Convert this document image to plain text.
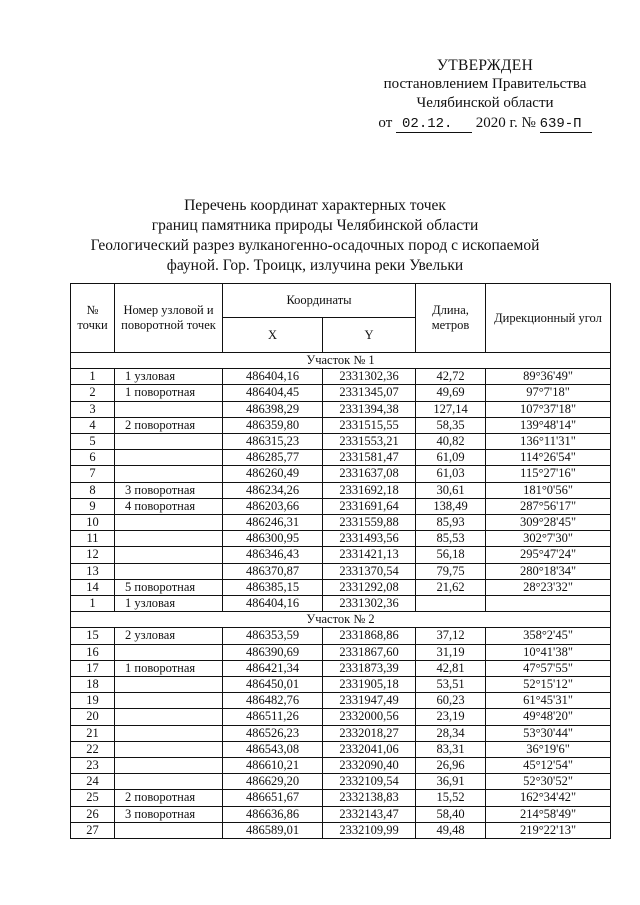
УТВЕРЖДЕН
постановлением Правительства
Челябинской области
от 02.12. 2020 г. № 639-П
Перечень координат характерных точек
границ памятника природы Челябинской области
Геологический разрез вулканогенно-осадочных пород с ископаемой
фауной. Гор. Троицк, излучина реки Увельки
№ точки	Номер узловой и поворотной точек	Координаты		Длина, метров	Дирекционный угол
		X	Y		
Участок № 1					
1	1 узловая	486404,16	2331302,36	42,72	89°36'49"
2	1 поворотная	486404,45	2331345,07	49,69	97°7'18"
3		486398,29	2331394,38	127,14	107°37'18"
4	2 поворотная	486359,80	2331515,55	58,35	139°48'14"
5		486315,23	2331553,21	40,82	136°11'31"
6		486285,77	2331581,47	61,09	114°26'54"
7		486260,49	2331637,08	61,03	115°27'16"
8	3 поворотная	486234,26	2331692,18	30,61	181°0'56"
9	4 поворотная	486203,66	2331691,64	138,49	287°56'17"
10		486246,31	2331559,88	85,93	309°28'45"
11		486300,95	2331493,56	85,53	302°7'30"
12		486346,43	2331421,13	56,18	295°47'24"
13		486370,87	2331370,54	79,75	280°18'34"
14	5 поворотная	486385,15	2331292,08	21,62	28°23'32"
1	1 узловая	486404,16	2331302,36		
Участок № 2					
15	2 узловая	486353,59	2331868,86	37,12	358°2'45"
16		486390,69	2331867,60	31,19	10°41'38"
17	1 поворотная	486421,34	2331873,39	42,81	47°57'55"
18		486450,01	2331905,18	53,51	52°15'12"
19		486482,76	2331947,49	60,23	61°45'31"
20		486511,26	2332000,56	23,19	49°48'20"
21		486526,23	2332018,27	28,34	53°30'44"
22		486543,08	2332041,06	83,31	36°19'6"
23		486610,21	2332090,40	26,96	45°12'54"
24		486629,20	2332109,54	36,91	52°30'52"
25	2 поворотная	486651,67	2332138,83	15,52	162°34'42"
26	3 поворотная	486636,86	2332143,47	58,40	214°58'49"
27		486589,01	2332109,99	49,48	219°22'13"
